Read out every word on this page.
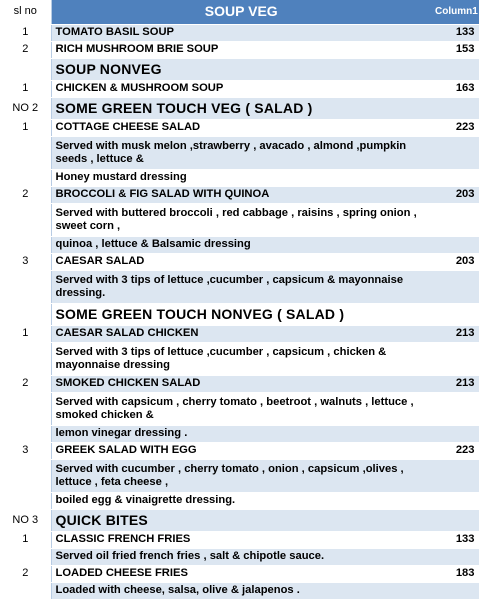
sl no	SOUP VEG	Column1
1	TOMATO BASIL SOUP	133
2	RICH MUSHROOM BRIE SOUP	153
	SOUP NONVEG	
1	CHICKEN & MUSHROOM SOUP	163
NO 2	SOME GREEN TOUCH VEG ( SALAD )	
1	COTTAGE CHEESE SALAD	223
	Served with musk melon ,strawberry , avacado , almond ,pumpkin seeds , lettuce &	
	Honey mustard dressing	
2	BROCCOLI & FIG SALAD WITH QUINOA	203
	Served with buttered broccoli , red cabbage , raisins , spring onion , sweet corn ,	
	quinoa , lettuce & Balsamic dressing	
3	CAESAR SALAD	203
	Served with 3 tips of lettuce ,cucumber , capsicum & mayonnaise dressing.	
	SOME GREEN TOUCH NONVEG ( SALAD )	
1	CAESAR SALAD CHICKEN	213
	Served with 3 tips of lettuce ,cucumber , capsicum , chicken & mayonnaise dressing	
2	SMOKED CHICKEN SALAD	213
	Served with capsicum , cherry tomato , beetroot , walnuts , lettuce , smoked chicken &	
	lemon vinegar dressing .	
3	GREEK SALAD WITH EGG	223
	Served with cucumber , cherry tomato , onion , capsicum ,olives , lettuce , feta cheese ,	
	boiled egg & vinaigrette dressing.	
NO 3	QUICK BITES	
1	CLASSIC FRENCH FRIES	133
	Served oil fried french fries , salt & chipotle sauce.	
2	LOADED CHEESE FRIES	183
	Loaded with cheese, salsa, olive & jalapenos .	
